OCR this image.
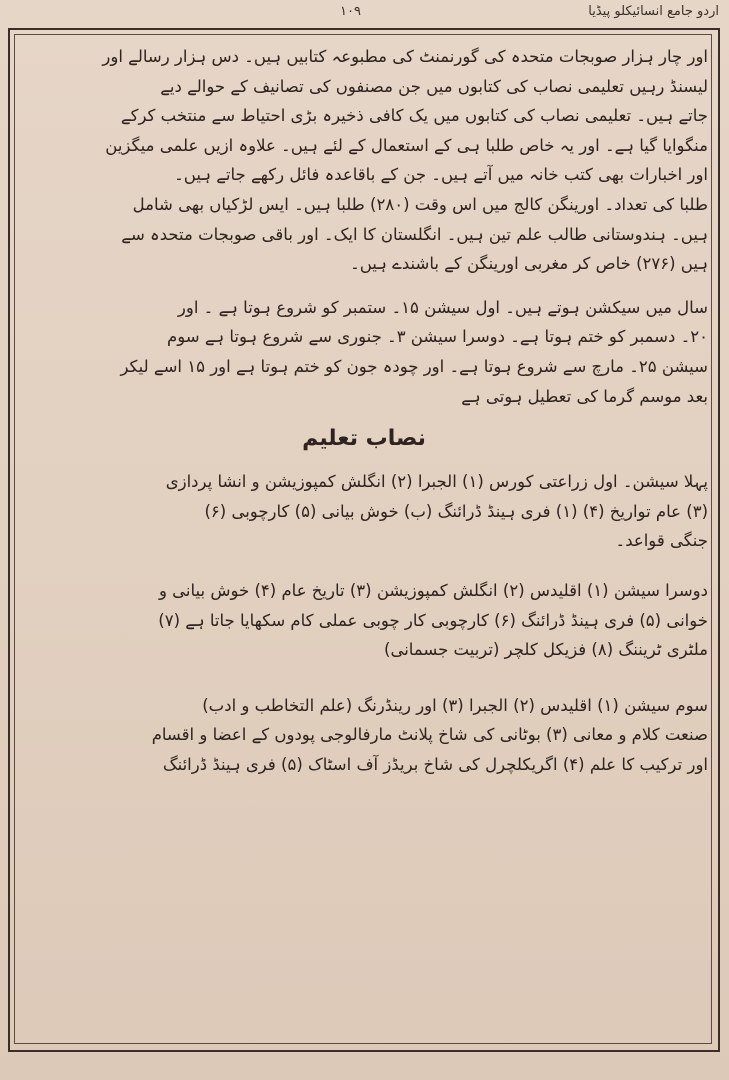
۱۰۹	اردو جامع انسائیکلو پیڈیا
اور چار ہزار صوبجات متحدہ کی گورنمنٹ کی مطبوعہ کتابیں ہیں۔ دس ہزار رسالے اور
لیسنڈ رہیں تعلیمی نصاب کی کتابوں میں جن مصنفوں کی تصانیف کے حوالے دیے
جاتے ہیں۔ تعلیمی نصاب کی کتابوں میں یک کافی ذخیرہ بڑی احتیاط سے منتخب کرکے
منگوایا گیا ہے۔ اور یہ خاص طلبا ہی کے استعمال کے لئے ہیں۔ علاوہ ازیں علمی میگزین
اور اخبارات بھی کتب خانہ میں آتے ہیں۔ جن کے باقاعدہ فائل رکھے جاتے ہیں۔
طلبا کی تعداد۔ اورینگن کالج میں اس وقت (۲۸۰) طلبا ہیں۔ ایس لڑکیاں بھی شامل
ہیں۔ ہندوستانی طالب علم تین ہیں۔ انگلستان کا ایک۔ اور باقی صوبجات متحدہ سے
ہیں (۲۷۶) خاص کر مغربی اورینگن کے باشندے ہیں۔
سال میں سیکشن ہوتے ہیں۔ اول سیشن ۱۵۔ ستمبر کو شروع ہوتا ہے ۔ اور
۲۰۔ دسمبر کو ختم ہوتا ہے۔ دوسرا سیشن ۳۔ جنوری سے شروع ہوتا ہے سوم
سیشن ۲۵۔ مارچ سے شروع ہوتا ہے۔ اور چودہ جون کو ختم ہوتا ہے اور ۱۵ اسے لیکر
بعد موسم گرما کی تعطیل ہوتی ہے
نصاب تعلیم
پہلا سیشن۔ اول زراعتی کورس (۱) الجبرا (۲) انگلش کمپوزیشن و انشا پردازی
(۳) عام تواریخ (۴) (۱) فری ہینڈ ڈرائنگ (ب) خوش بیانی (۵) کارچوبی (۶)
جنگی قواعد۔
دوسرا سیشن (۱) اقلیدس (۲) انگلش کمپوزیشن (۳) تاریخ عام (۴) خوش بیانی و
خوانی (۵) فری ہینڈ ڈرائنگ (۶) کارچوبی کار چوبی عملی کام سکھایا جاتا ہے (۷)
ملٹری ٹریننگ (۸) فزیکل کلچر (تربیت جسمانی)
سوم سیشن (۱) اقلیدس (۲) الجبرا (۳) اور رینڈرنگ (علم التخاطب و ادب)
صنعت کلام و معانی (۳) بوٹانی کی شاخ پلانٹ مارفالوجی پودوں کے اعضا و اقسام
اور ترکیب کا علم (۴) اگریکلچرل کی شاخ بریڈز آف اسٹاک (۵) فری ہینڈ ڈرائنگ
